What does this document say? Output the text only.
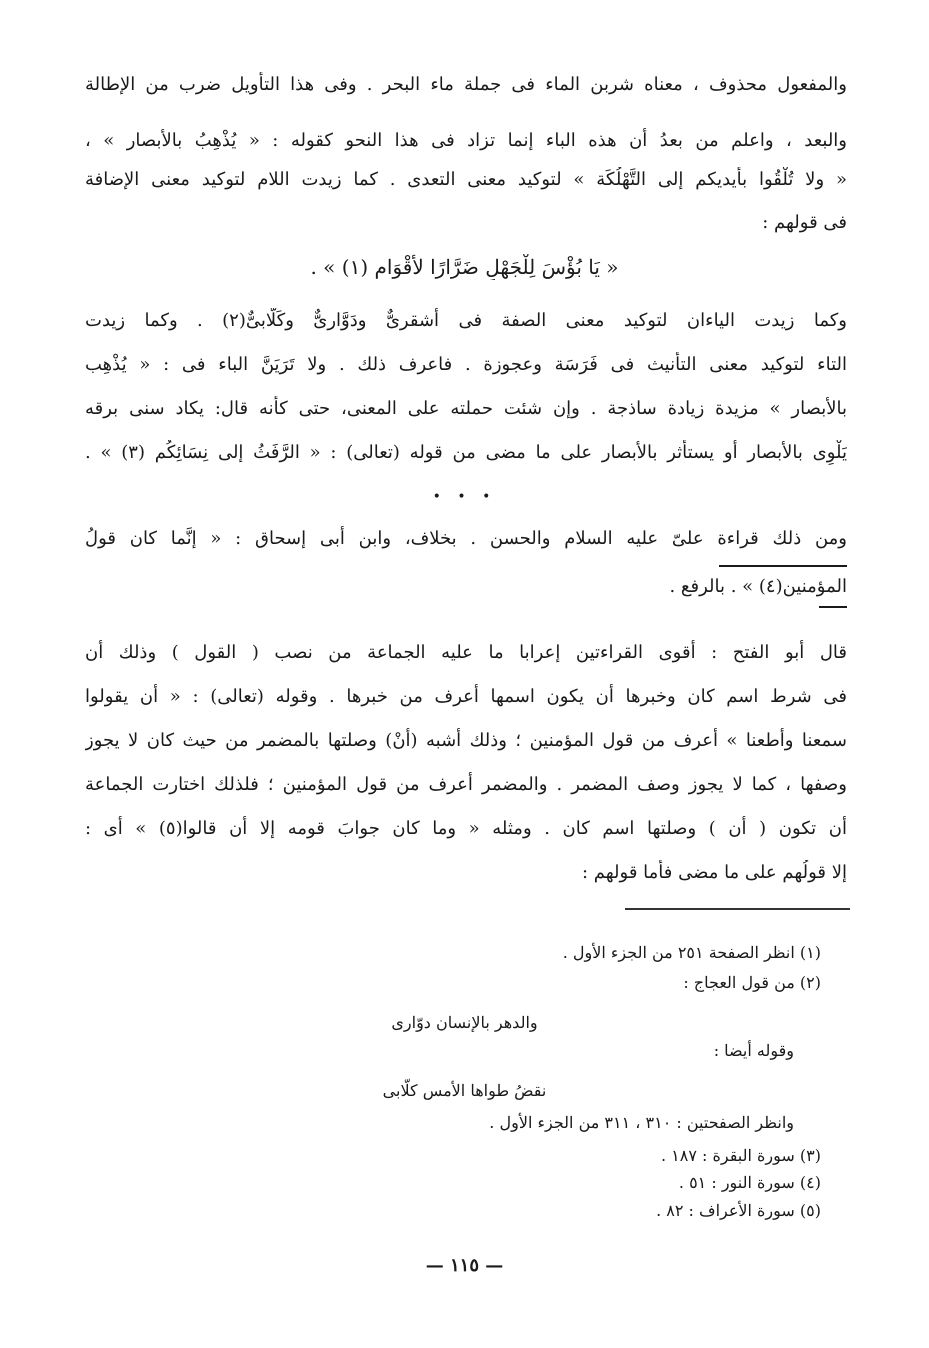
والمفعول محذوف ، معناه شربن الماء فى جملة ماء البحر . وفى هذا التأويل ضرب من الإطالة
والبعد ، واعلم من بعدُ أن هذه الباء إنما تزاد فى هذا النحو كقوله : « يُذْهِبُ بالأبصار » ،
« ولا تُلْقُوا بأيديكم إلى التَّهْلُكَة » لتوكيد معنى التعدى . كما زيدت اللام لتوكيد معنى الإضافة
فى قولهم :
« يَا بُؤْسَ لِلْجَهْلِ ضَرَّارًا لأَقْوَامِ (١) » .
وكما زيدت الياءان لتوكيد معنى الصفة فى أشقرىٌّ ودَوَّارىٌّ وكَلَّابىٌّ(٢) . وكما زيدت
التاء لتوكيد معنى التأنيث فى فَرَسَة وعجوزة . فاعرف ذلك . ولا تَرَيَنَّ الباء فى : « يُذْهِب
بالأبصار » مزيدة زيادة ساذجة . وإن شئت حملته على المعنى، حتى كأنه قال: يكاد سنى برقه
يَلْوِى بالأبصار أو يستأثر بالأبصار على ما مضى من قوله (تعالى) : « الرَّفَثُ إلى نِسَائِكُم (٣) » .
• • •
ومن ذلك قراءة علىّ عليه السلام والحسن . بخلاف، وابن أبى إسحاق : « إنَّما كان قولُ
المؤمنين(٤) » . بالرفع .
قال أبو الفتح : أقوى القراءتين إعرابا ما عليه الجماعة من نصب ( القول ) وذلك أن
فى شرط اسم كان وخبرها أن يكون اسمها أعرف من خبرها . وقوله (تعالى) : « أن يقولوا
سمعنا وأطعنا » أعرف من قول المؤمنين ؛ وذلك أشبه (أنْ) وصلتها بالمضمر من حيث كان لا يجوز
وصفها ، كما لا يجوز وصف المضمر . والمضمر أعرف من قول المؤمنين ؛ فلذلك اختارت الجماعة
أن تكون ( أن ) وصلتها اسم كان . ومثله « وما كان جوابَ قومه إلا أن قالوا(٥) » أى :
إلا قولُهم على ما مضى فأما قولهم :
(١) انظر الصفحة ٢٥١ من الجزء الأول .
(٢) من قول العجاج :
والدهر بالإنسان دوّارى
وقوله أيضا :
نقضُ طواها الأمس كلّابى
وانظر الصفحتين : ٣١٠ ، ٣١١ من الجزء الأول .
(٣) سورة البقرة : ١٨٧ .
(٤) سورة النور : ٥١ .
(٥) سورة الأعراف : ٨٢ .
— ١١٥ —
